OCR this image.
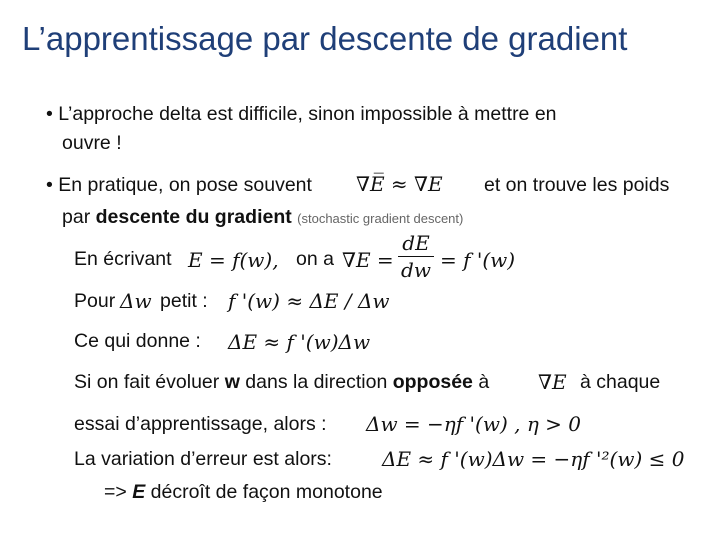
L’apprentissage par descente de gradient
• L’approche delta est difficile, sinon impossible à mettre en
ouvre !
• En pratique, on pose souvent ∇E̅ ≈ ∇E et on trouve les poids
par descente du gradient (stochastic gradient descent)
En écrivant E = f(w), on a ∇E =
dE
dw = f '(w)
Pour Δw petit : f '(w) ≈ ΔE / Δw
Ce qui donne : ΔE ≈ f '(w)Δw
Si on fait évoluer w dans la direction opposée à ∇E à chaque
essai d’apprentissage, alors : Δw = −ηf '(w) , η > 0
La variation d’erreur est alors:	ΔE ≈ f '(w)Δw = −ηf '²(w) ≤ 0
=> E décroît de façon monotone
